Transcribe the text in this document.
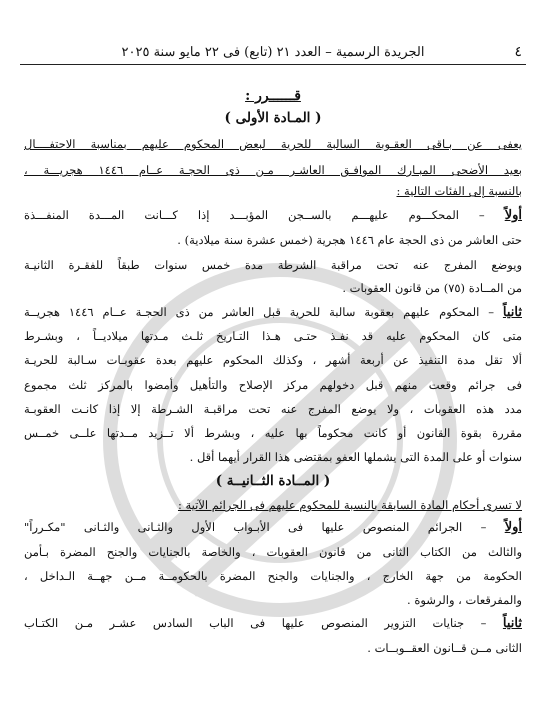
٤
الجريدة الرسمية – العدد ٢١ (تابع) فى ٢٢ مايو سنة ٢٠٢٥
قــــــرر :
( المـادة الأولى )
يعفى عن بـاقى العقـوبة السالبة للحرية لبعض المحكوم عليهم بمناسبة الاحتفــــال
بعيد الأضحى المبـارك الموافـق العاشـر مـن ذى الحجـة عــام ١٤٤٦ هجريـــة ،
بالنسبة إلى الفئات التالية :
أولاً – المحكـــوم عليهـــم بالســجن المؤبـــد إذا كـــانت المـــدة المنفـــذة
حتى العاشر من ذى الحجة عام ١٤٤٦ هجرية (خمس عشرة سنة ميلادية) .
ويوضع المفرج عنه تحت مراقبة الشرطة مدة خمس سنوات طبقاً للفقـرة الثانيـة
من المــادة (٧٥) من قانون العقوبات .
ثانياً – المحكوم عليهم بعقوبة سالبة للحرية قبل العاشر من ذى الحجـة عــام ١٤٤٦ هجريــة
متى كان المحكوم عليه قد نفـذ حتـى هـذا التـاريخ ثلـث مـدتها ميلاديــاً ، وبشـرط
ألا تقل مدة التنفيذ عن أربعة أشهر ، وكذلك المحكوم عليهم بعدة عقوبـات سـالبة للحريـة
فى جرائم وقعت منهم قبل دخولهم مركز الإصلاح والتأهيل وأمضوا بالمركز ثلث مجموع
مدد هذه العقوبات ، ولا يوضع المفرج عنه تحت مراقبـة الشـرطة إلا إذا كانـت العقوبـة
مقررة بقوة القانون أو كانت محكوماً بها عليه ، وبشرط ألا تــزيد مــدتها علــى خمــس
سنوات أو على المدة التى يشملها العفو بمقتضى هذا القرار أيهما أقل .
( المــادة الثــانيــة )
لا تسرى أحكام المادة السابقة بالنسبة للمحكوم عليهم فى الجرائم الآتية :
أولاً – الجرائم المنصوص عليها فى الأبـواب الأول والثـانى والثـانى "مكـرراً"
والثالث من الكتاب الثانى من قانون العقوبات ، والخاصة بالجنايات والجنح المضرة بـأمن
الحكومة من جهة الخارج ، والجنايات والجنح المضرة بالحكومــة مــن جهــة الـداخل ،
والمفرقعات ، والرشوة .
ثانياً – جنايات التزوير المنصوص عليها فى الباب السادس عشـر مـن الكتـاب
الثانى مــن قــانون العقــوبــات .
